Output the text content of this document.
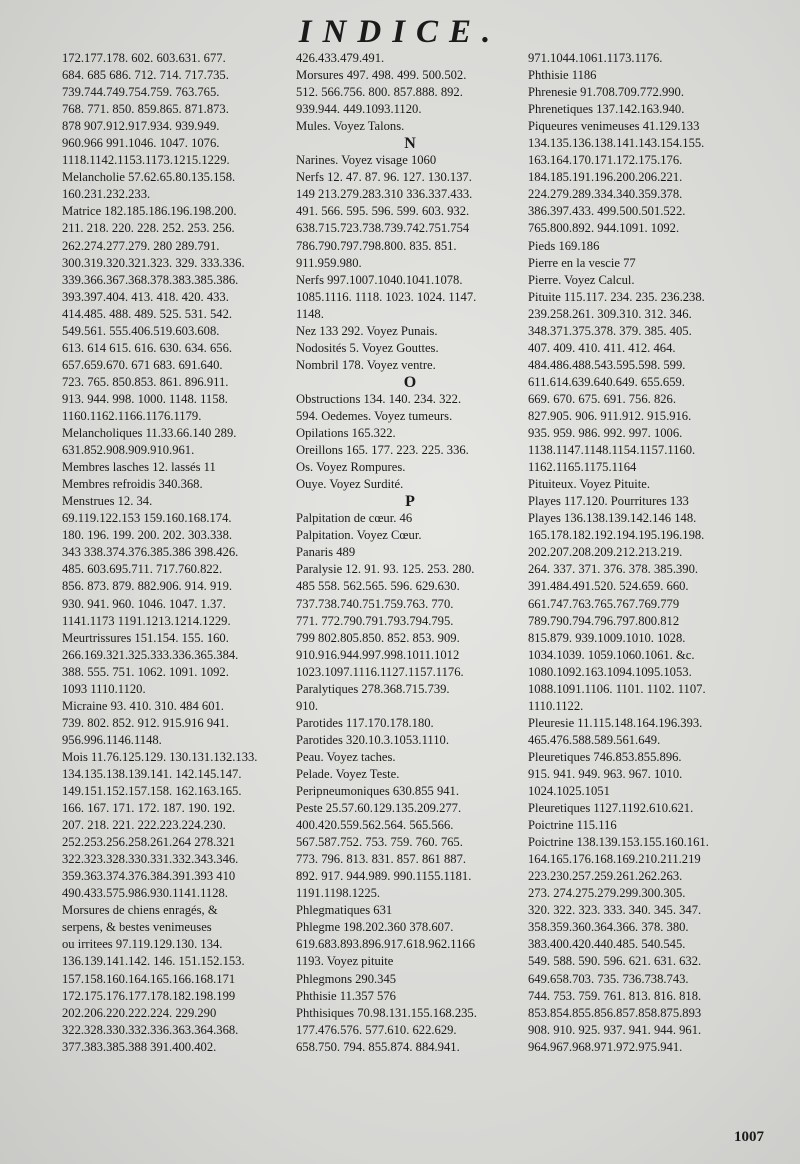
INDICE.
172.177.178. 602. 603.631. 677.
684. 685 686. 712. 714. 717.735.
739.744.749.754.759. 763.765.
768. 771. 850. 859.865. 871.873.
878 907.912.917.934. 939.949.
960.966 991.1046. 1047. 1076.
1118.1142.1153.1173.1215.1229.
Melancholie 57.62.65.80.135.158.
160.231.232.233.
Matrice 182.185.186.196.198.200.
211. 218. 220. 228. 252. 253. 256.
262.274.277.279. 280 289.791.
300.319.320.321.323. 329. 333.336.
339.366.367.368.378.383.385.386.
393.397.404. 413. 418. 420. 433.
414.485. 488. 489. 525. 531. 542.
549.561. 555.406.519.603.608.
613. 614 615. 616. 630. 634. 656.
657.659.670. 671 683. 691.640.
723. 765. 850.853. 861. 896.911.
913. 944. 998. 1000. 1148. 1158.
1160.1162.1166.1176.1179.
Melancholiques 11.33.66.140 289.
631.852.908.909.910.961.
Membres lasches 12. lassés 11
Membres refroidis 340.368.
Menstrues 12. 34.
69.119.122.153 159.160.168.174.
180. 196. 199. 200. 202. 303.338.
343 338.374.376.385.386 398.426.
485. 603.695.711. 717.760.822.
856. 873. 879. 882.906. 914. 919.
930. 941. 960. 1046. 1047. 1.37.
1141.1173 1191.1213.1214.1229.
Meurtrissures 151.154. 155. 160.
266.169.321.325.333.336.365.384.
388. 555. 751. 1062. 1091. 1092.
1093 1110.1120.
Micraine 93. 410. 310. 484 601.
739. 802. 852. 912. 915.916 941.
956.996.1146.1148.
Mois 11.76.125.129. 130.131.132.133.
134.135.138.139.141. 142.145.147.
149.151.152.157.158. 162.163.165.
166. 167. 171. 172. 187. 190. 192.
207. 218. 221. 222.223.224.230.
252.253.256.258.261.264 278.321
322.323.328.330.331.332.343.346.
359.363.374.376.384.391.393 410
490.433.575.986.930.1141.1128.
Morsures de chiens enragés, &
serpens, & bestes venimeuses
ou irritees 97.119.129.130. 134.
136.139.141.142. 146. 151.152.153.
157.158.160.164.165.166.168.171
172.175.176.177.178.182.198.199
202.206.220.222.224. 229.290
322.328.330.332.336.363.364.368.
377.383.385.388 391.400.402.
426.433.479.491.
Morsures 497. 498. 499. 500.502.
512. 566.756. 800. 857.888. 892.
939.944. 449.1093.1120.
Mules. Voyez Talons.
N
Narines. Voyez visage 1060
Nerfs 12. 47. 87. 96. 127. 130.137.
149 213.279.283.310 336.337.433.
491. 566. 595. 596. 599. 603. 932.
638.715.723.738.739.742.751.754
786.790.797.798.800. 835. 851.
911.959.980.
Nerfs 997.1007.1040.1041.1078.
1085.1116. 1118. 1023. 1024. 1147.
1148.
Nez 133 292. Voyez Punais.
Nodosités 5. Voyez Gouttes.
Nombril 178. Voyez ventre.
O
Obstructions 134. 140. 234. 322.
594. Oedemes. Voyez tumeurs.
Opilations 165.322.
Oreillons 165. 177. 223. 225. 336.
Os. Voyez Rompures.
Ouye. Voyez Surdité.
P
Palpitation de cœur. 46
Palpitation. Voyez Cœur.
Panaris 489
Paralysie 12. 91. 93. 125. 253. 280.
485 558. 562.565. 596. 629.630.
737.738.740.751.759.763. 770.
771. 772.790.791.793.794.795.
799 802.805.850. 852. 853. 909.
910.916.944.997.998.1011.1012
1023.1097.1116.1127.1157.1176.
Paralytiques 278.368.715.739.
910.
Parotides 117.170.178.180.
Parotides 320.10.3.1053.1110.
Peau. Voyez taches.
Pelade. Voyez Teste.
Peripneumoniques 630.855 941.
Peste 25.57.60.129.135.209.277.
400.420.559.562.564. 565.566.
567.587.752. 753. 759. 760. 765.
773. 796. 813. 831. 857. 861 887.
892. 917. 944.989. 990.1155.1181.
1191.1198.1225.
Phlegmatiques 631
Phlegme 198.202.360 378.607.
619.683.893.896.917.618.962.1166
1193. Voyez pituite
Phlegmons 290.345
Phthisie 11.357 576
Phthisiques 70.98.131.155.168.235.
177.476.576. 577.610. 622.629.
658.750. 794. 855.874. 884.941.
971.1044.1061.1173.1176.
Phthisie 1186
Phrenesie 91.708.709.772.990.
Phrenetiques 137.142.163.940.
Piqueures venimeuses 41.129.133
134.135.136.138.141.143.154.155.
163.164.170.171.172.175.176.
184.185.191.196.200.206.221.
224.279.289.334.340.359.378.
386.397.433. 499.500.501.522.
765.800.892. 944.1091. 1092.
Pieds 169.186
Pierre en la vescie 77
Pierre. Voyez Calcul.
Pituite 115.117. 234. 235. 236.238.
239.258.261. 309.310. 312. 346.
348.371.375.378. 379. 385. 405.
407. 409. 410. 411. 412. 464.
484.486.488.543.595.598. 599.
611.614.639.640.649. 655.659.
669. 670. 675. 691. 756. 826.
827.905. 906. 911.912. 915.916.
935. 959. 986. 992. 997. 1006.
1138.1147.1148.1154.1157.1160.
1162.1165.1175.1164
Pituiteux. Voyez Pituite.
Playes 117.120. Pourritures 133
Playes 136.138.139.142.146 148.
165.178.182.192.194.195.196.198.
202.207.208.209.212.213.219.
264. 337. 371. 376. 378. 385.390.
391.484.491.520. 524.659. 660.
661.747.763.765.767.769.779
789.790.794.796.797.800.812
815.879. 939.1009.1010. 1028.
1034.1039. 1059.1060.1061. &c.
1080.1092.163.1094.1095.1053.
1088.1091.1106. 1101. 1102. 1107.
1110.1122.
Pleuresie 11.115.148.164.196.393.
465.476.588.589.561.649.
Pleuretiques 746.853.855.896.
915. 941. 949. 963. 967. 1010.
1024.1025.1051
Pleuretiques 1127.1192.610.621.
Poictrine 115.116
Poictrine 138.139.153.155.160.161.
164.165.176.168.169.210.211.219
223.230.257.259.261.262.263.
273. 274.275.279.299.300.305.
320. 322. 323. 333. 340. 345. 347.
358.359.360.364.366. 378. 380.
383.400.420.440.485. 540.545.
549. 588. 590. 596. 621. 631. 632.
649.658.703. 735. 736.738.743.
744. 753. 759. 761. 813. 816. 818.
853.854.855.856.857.858.875.893
908. 910. 925. 937. 941. 944. 961.
964.967.968.971.972.975.941.
1007
